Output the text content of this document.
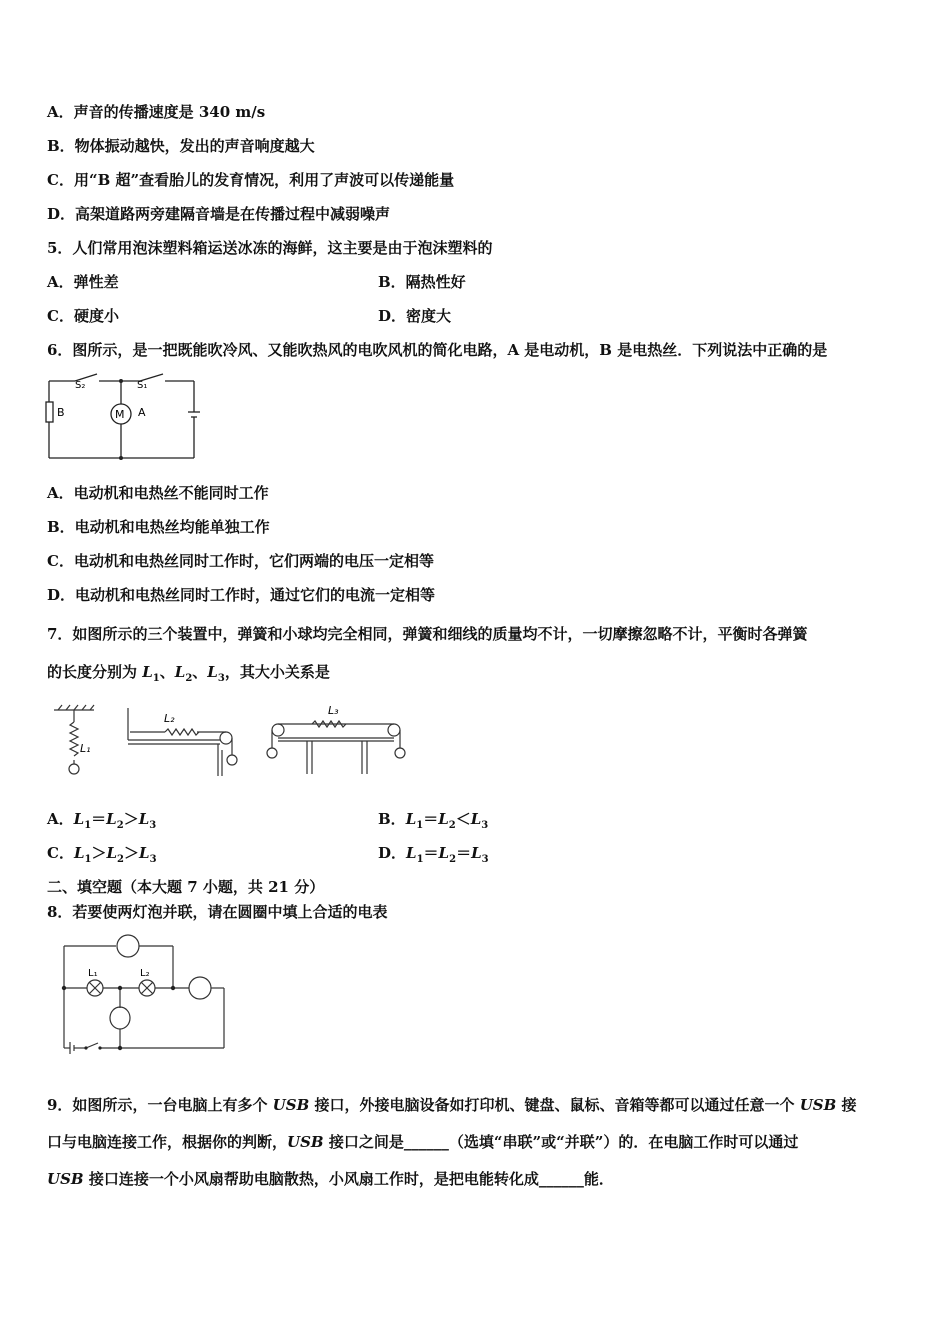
A．声音的传播速度是 340 m/s
B．物体振动越快，发出的声音响度越大
C．用“B 超”查看胎儿的发育情况，利用了声波可以传递能量
D．高架道路两旁建隔音墙是在传播过程中减弱噪声
5．人们常用泡沫塑料箱运送冰冻的海鲜，这主要是由于泡沫塑料的
A．弹性差	B．隔热性好
C．硬度小	D．密度大
6．图所示，是一把既能吹冷风、又能吹热风的电吹风机的简化电路，A 是电动机，B 是电热丝．下列说法中正确的是
S₂	S₁
B	M A
A．电动机和电热丝不能同时工作
B．电动机和电热丝均能单独工作
C．电动机和电热丝同时工作时，它们两端的电压一定相等
D．电动机和电热丝同时工作时，通过它们的电流一定相等
7．如图所示的三个装置中，弹簧和小球均完全相同，弹簧和细线的质量均不计，一切摩擦忽略不计，平衡时各弹簧
的长度分别为 $L_1$、$L_2$、$L_3$，其大小关系是
L₁
L₂
L₃
A．$L_1=L_2>L_3$	B．$L_1=L_2<L_3$
C．$L_1>L_2>L_3$	D．$L_1=L_2=L_3$
二、填空题（本大题 7 小题，共 21 分）
8．若要使两灯泡并联，请在圆圈中填上合适的电表
L₁	L₂
9．如图所示，一台电脑上有多个 USB 接口，外接电脑设备如打印机、键盘、鼠标、音箱等都可以通过任意一个 USB 接
口与电脑连接工作，根据你的判断，USB 接口之间是______（选填“串联”或“并联”）的．在电脑工作时可以通过
USB 接口连接一个小风扇帮助电脑散热，小风扇工作时，是把电能转化成______能．
